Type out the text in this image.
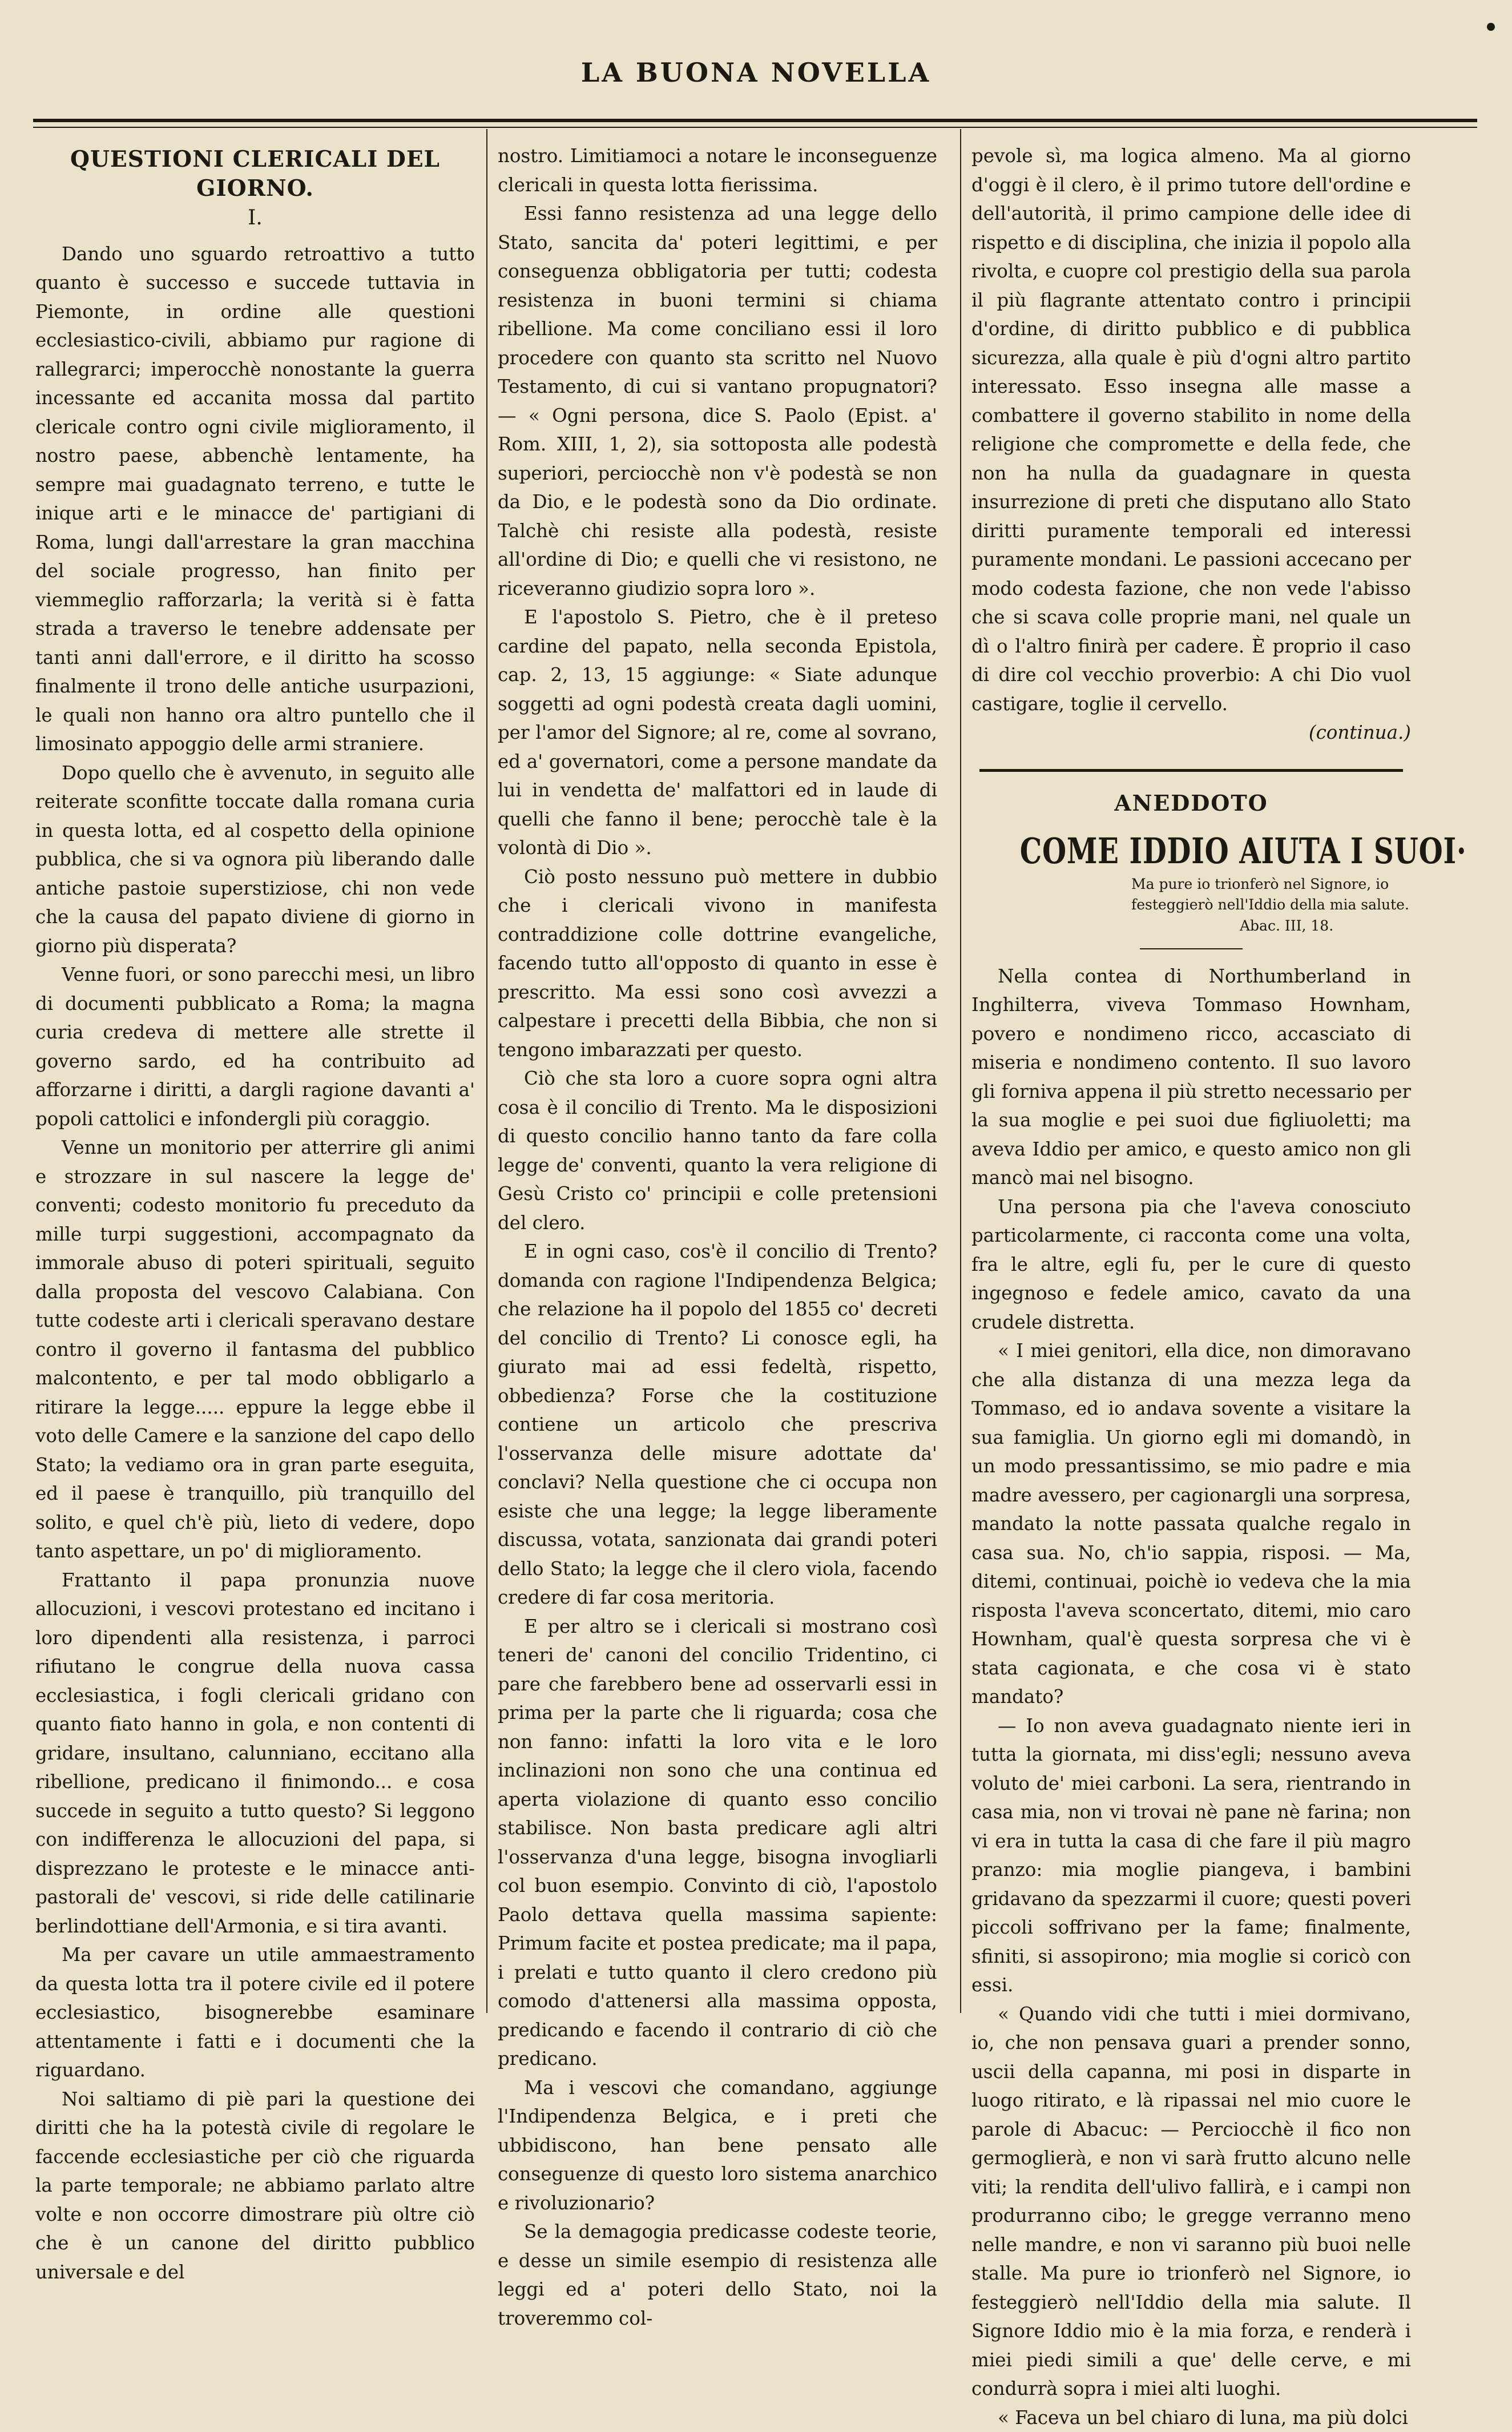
LA BUONA NOVELLA
QUESTIONI CLERICALI DEL GIORNO.
I.

Dando uno sguardo retroattivo a tutto quanto è successo e succede tuttavia in Piemonte, in ordine alle questioni ecclesiastico-civili, abbiamo pur ragione di rallegrarci; imperocchè nonostante la guerra incessante ed accanita mossa dal partito clericale contro ogni civile miglioramento, il nostro paese, abbenchè lentamente, ha sempre mai guadagnato terreno, e tutte le inique arti e le minacce de' partigiani di Roma, lungi dall'arrestare la gran macchina del sociale progresso, han finito per viemmeglio rafforzarla; la verità si è fatta strada a traverso le tenebre addensate per tanti anni dall'errore, e il diritto ha scosso finalmente il trono delle antiche usurpazioni, le quali non hanno ora altro puntello che il limosinato appoggio delle armi straniere.

Dopo quello che è avvenuto, in seguito alle reiterate sconfitte toccate dalla romana curia in questa lotta, ed al cospetto della opinione pubblica, che si va ognora più liberando dalle antiche pastoie superstiziose, chi non vede che la causa del papato diviene di giorno in giorno più disperata?

Venne fuori, or sono parecchi mesi, un libro di documenti pubblicato a Roma; la magna curia credeva di mettere alle strette il governo sardo, ed ha contribuito ad afforzarne i diritti, a dargli ragione davanti a' popoli cattolici e infondergli più coraggio.

Venne un monitorio per atterrire gli animi e strozzare in sul nascere la legge de' conventi; codesto monitorio fu preceduto da mille turpi suggestioni, accompagnato da immorale abuso di poteri spirituali, seguito dalla proposta del vescovo Calabiana. Con tutte codeste arti i clericali speravano destare contro il governo il fantasma del pubblico malcontento, e per tal modo obbligarlo a ritirare la legge..... eppure la legge ebbe il voto delle Camere e la sanzione del capo dello Stato; la vediamo ora in gran parte eseguita, ed il paese è tranquillo, più tranquillo del solito, e quel ch'è più, lieto di vedere, dopo tanto aspettare, un po' di miglioramento.

Frattanto il papa pronunzia nuove allocuzioni, i vescovi protestano ed incitano i loro dipendenti alla resistenza, i parroci rifiutano le congrue della nuova cassa ecclesiastica, i fogli clericali gridano con quanto fiato hanno in gola, e non contenti di gridare, insultano, calunniano, eccitano alla ribellione, predicano il finimondo... e cosa succede in seguito a tutto questo? Si leggono con indifferenza le allocuzioni del papa, si disprezzano le proteste e le minacce anti-pastorali de' vescovi, si ride delle catilinarie berlindottiane dell'Armonia, e si tira avanti.

Ma per cavare un utile ammaestramento da questa lotta tra il potere civile ed il potere ecclesiastico, bisognerebbe esaminare attentamente i fatti e i documenti che la riguardano.

Noi saltiamo di piè pari la questione dei diritti che ha la potestà civile di regolare le faccende ecclesiastiche per ciò che riguarda la parte temporale; ne abbiamo parlato altre volte e non occorre dimostrare più oltre ciò che è un canone del diritto pubblico universale e del

nostro. Limitiamoci a notare le inconseguenze clericali in questa lotta fierissima.

Essi fanno resistenza ad una legge dello Stato, sancita da' poteri legittimi, e per conseguenza obbligatoria per tutti; codesta resistenza in buoni termini si chiama ribellione. Ma come conciliano essi il loro procedere con quanto sta scritto nel Nuovo Testamento, di cui si vantano propugnatori? — « Ogni persona, dice S. Paolo (Epist. a' Rom. XIII, 1, 2), sia sottoposta alle podestà superiori, perciocchè non v'è podestà se non da Dio, e le podestà sono da Dio ordinate. Talchè chi resiste alla podestà, resiste all'ordine di Dio; e quelli che vi resistono, ne riceveranno giudizio sopra loro ».

E l'apostolo S. Pietro, che è il preteso cardine del papato, nella seconda Epistola, cap. 2, 13, 15 aggiunge: « Siate adunque soggetti ad ogni podestà creata dagli uomini, per l'amor del Signore; al re, come al sovrano, ed a' governatori, come a persone mandate da lui in vendetta de' malfattori ed in laude di quelli che fanno il bene; perocchè tale è la volontà di Dio ».

Ciò posto nessuno può mettere in dubbio che i clericali vivono in manifesta contraddizione colle dottrine evangeliche, facendo tutto all'opposto di quanto in esse è prescritto. Ma essi sono così avvezzi a calpestare i precetti della Bibbia, che non si tengono imbarazzati per questo.

Ciò che sta loro a cuore sopra ogni altra cosa è il concilio di Trento. Ma le disposizioni di questo concilio hanno tanto da fare colla legge de' conventi, quanto la vera religione di Gesù Cristo co' principii e colle pretensioni del clero.

E in ogni caso, cos'è il concilio di Trento? domanda con ragione l'Indipendenza Belgica; che relazione ha il popolo del 1855 co' decreti del concilio di Trento? Li conosce egli, ha giurato mai ad essi fedeltà, rispetto, obbedienza? Forse che la costituzione contiene un articolo che prescriva l'osservanza delle misure adottate da' conclavi? Nella questione che ci occupa non esiste che una legge; la legge liberamente discussa, votata, sanzionata dai grandi poteri dello Stato; la legge che il clero viola, facendo credere di far cosa meritoria.

E per altro se i clericali si mostrano così teneri de' canoni del concilio Tridentino, ci pare che farebbero bene ad osservarli essi in prima per la parte che li riguarda; cosa che non fanno: infatti la loro vita e le loro inclinazioni non sono che una continua ed aperta violazione di quanto esso concilio stabilisce. Non basta predicare agli altri l'osservanza d'una legge, bisogna invogliarli col buon esempio. Convinto di ciò, l'apostolo Paolo dettava quella massima sapiente: Primum facite et postea predicate; ma il papa, i prelati e tutto quanto il clero credono più comodo d'attenersi alla massima opposta, predicando e facendo il contrario di ciò che predicano.

Ma i vescovi che comandano, aggiunge l'Indipendenza Belgica, e i preti che ubbidiscono, han bene pensato alle conseguenze di questo loro sistema anarchico e rivoluzionario?

Se la demagogia predicasse codeste teorie, e desse un simile esempio di resistenza alle leggi ed a' poteri dello Stato, noi la troveremmo col-

pevole sì, ma logica almeno. Ma al giorno d'oggi è il clero, è il primo tutore dell'ordine e dell'autorità, il primo campione delle idee di rispetto e di disciplina, che inizia il popolo alla rivolta, e cuopre col prestigio della sua parola il più flagrante attentato contro i principii d'ordine, di diritto pubblico e di pubblica sicurezza, alla quale è più d'ogni altro partito interessato. Esso insegna alle masse a combattere il governo stabilito in nome della religione che compromette e della fede, che non ha nulla da guadagnare in questa insurrezione di preti che disputano allo Stato diritti puramente temporali ed interessi puramente mondani. Le passioni accecano per modo codesta fazione, che non vede l'abisso che si scava colle proprie mani, nel quale un dì o l'altro finirà per cadere. È proprio il caso di dire col vecchio proverbio: A chi Dio vuol castigare, toglie il cervello.

(continua.)

ANEDDOTO
COME IDDIO AIUTA I SUOI·
Ma pure io trionferò nel Signore, io festeggierò nell'Iddio della mia salute.
Abac. III, 18.

Nella contea di Northumberland in Inghilterra, viveva Tommaso Hownham, povero e nondimeno ricco, accasciato di miseria e nondimeno contento. Il suo lavoro gli forniva appena il più stretto necessario per la sua moglie e pei suoi due figliuoletti; ma aveva Iddio per amico, e questo amico non gli mancò mai nel bisogno.

Una persona pia che l'aveva conosciuto particolarmente, ci racconta come una volta, fra le altre, egli fu, per le cure di questo ingegnoso e fedele amico, cavato da una crudele distretta.

« I miei genitori, ella dice, non dimoravano che alla distanza di una mezza lega da Tommaso, ed io andava sovente a visitare la sua famiglia. Un giorno egli mi domandò, in un modo pressantissimo, se mio padre e mia madre avessero, per cagionargli una sorpresa, mandato la notte passata qualche regalo in casa sua. No, ch'io sappia, risposi. — Ma, ditemi, continuai, poichè io vedeva che la mia risposta l'aveva sconcertato, ditemi, mio caro Hownham, qual'è questa sorpresa che vi è stata cagionata, e che cosa vi è stato mandato?

— Io non aveva guadagnato niente ieri in tutta la giornata, mi diss'egli; nessuno aveva voluto de' miei carboni. La sera, rientrando in casa mia, non vi trovai nè pane nè farina; non vi era in tutta la casa di che fare il più magro pranzo: mia moglie piangeva, i bambini gridavano da spezzarmi il cuore; questi poveri piccoli soffrivano per la fame; finalmente, sfiniti, si assopirono; mia moglie si coricò con essi.

« Quando vidi che tutti i miei dormivano, io, che non pensava guari a prender sonno, uscii della capanna, mi posi in disparte in luogo ritirato, e là ripassai nel mio cuore le parole di Abacuc: — Perciocchè il fico non germoglierà, e non vi sarà frutto alcuno nelle viti; la rendita dell'ulivo fallirà, e i campi non produrranno cibo; le gregge verranno meno nelle mandre, e non vi saranno più buoi nelle stalle. Ma pure io trionferò nel Signore, io festeggierò nell'Iddio della mia salute. Il Signore Iddio mio è la mia forza, e renderà i miei piedi simili a que' delle cerve, e mi condurrà sopra i miei alti luoghi.

« Faceva un bel chiaro di luna, ma più dolci
